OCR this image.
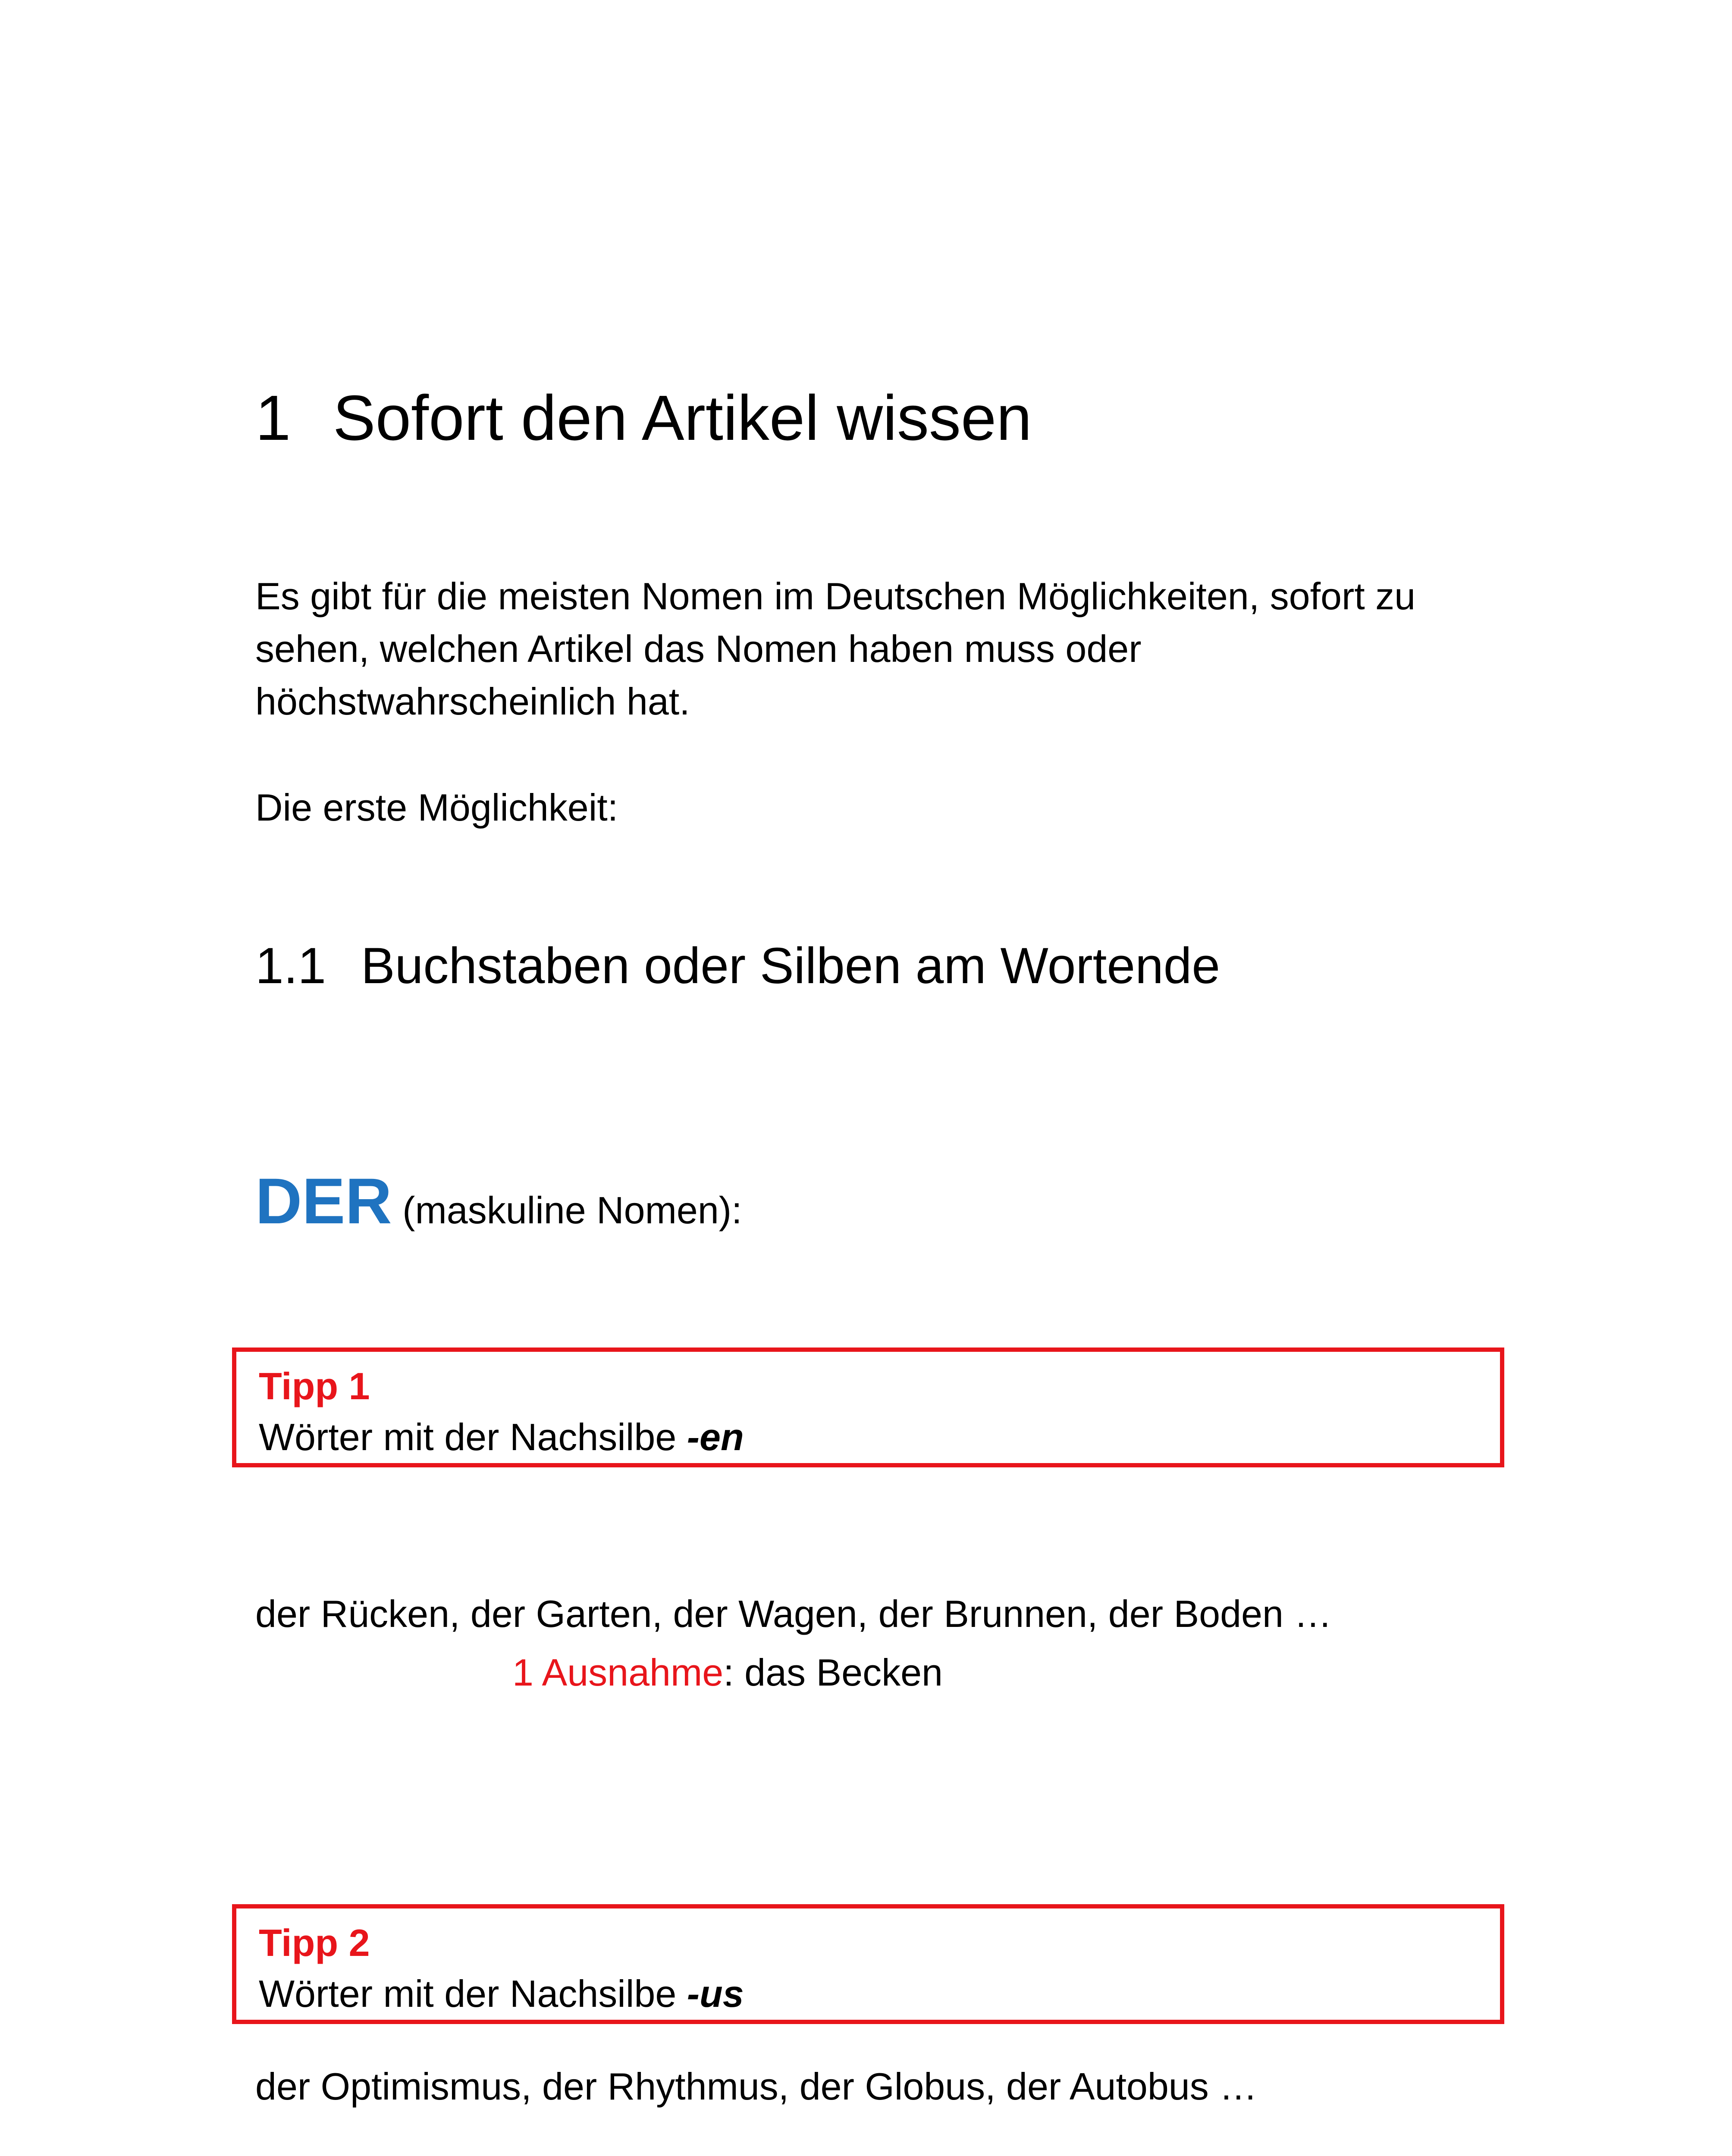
1 Sofort den Artikel wissen
Es gibt für die meisten Nomen im Deutschen Möglichkeiten, sofort zu
sehen, welchen Artikel das Nomen haben muss oder
höchstwahrscheinlich hat.
Die erste Möglichkeit:
1.1 Buchstaben oder Silben am Wortende
DER (maskuline Nomen):
Tipp 1
Wörter mit der Nachsilbe -en
der Rücken, der Garten, der Wagen, der Brunnen, der Boden …
1 Ausnahme: das Becken
Tipp 2
Wörter mit der Nachsilbe -us
der Optimismus, der Rhythmus, der Globus, der Autobus …
